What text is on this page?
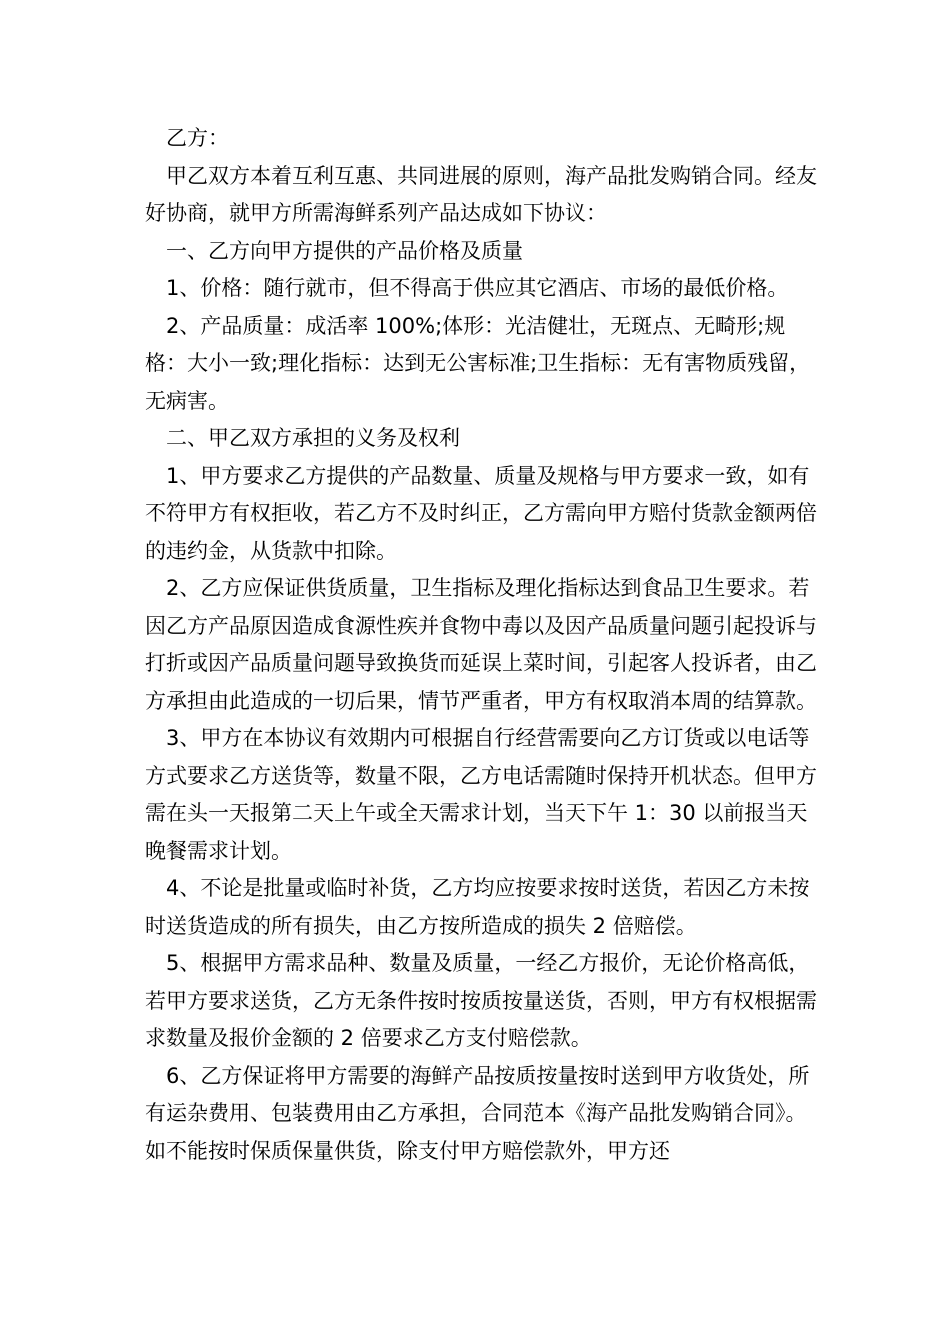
乙方：

甲乙双方本着互利互惠、共同进展的原则，海产品批发购销合同。经友好协商，就甲方所需海鲜系列产品达成如下协议：

一、乙方向甲方提供的产品价格及质量

1、价格：随行就市，但不得高于供应其它酒店、市场的最低价格。

2、产品质量：成活率 100%;体形：光洁健壮，无斑点、无畸形;规格：大小一致;理化指标：达到无公害标准;卫生指标：无有害物质残留，无病害。

二、甲乙双方承担的义务及权利

1、甲方要求乙方提供的产品数量、质量及规格与甲方要求一致，如有不符甲方有权拒收，若乙方不及时纠正，乙方需向甲方赔付货款金额两倍的违约金，从货款中扣除。

2、乙方应保证供货质量，卫生指标及理化指标达到食品卫生要求。若因乙方产品原因造成食源性疾并食物中毒以及因产品质量问题引起投诉与打折或因产品质量问题导致换货而延误上菜时间，引起客人投诉者，由乙方承担由此造成的一切后果，情节严重者，甲方有权取消本周的结算款。

3、甲方在本协议有效期内可根据自行经营需要向乙方订货或以电话等方式要求乙方送货等，数量不限，乙方电话需随时保持开机状态。但甲方需在头一天报第二天上午或全天需求计划，当天下午 1：30 以前报当天晚餐需求计划。

4、不论是批量或临时补货，乙方均应按要求按时送货，若因乙方未按时送货造成的所有损失，由乙方按所造成的损失 2 倍赔偿。

5、根据甲方需求品种、数量及质量，一经乙方报价，无论价格高低，若甲方要求送货，乙方无条件按时按质按量送货，否则，甲方有权根据需求数量及报价金额的 2 倍要求乙方支付赔偿款。

6、乙方保证将甲方需要的海鲜产品按质按量按时送到甲方收货处，所有运杂费用、包装费用由乙方承担，合同范本《海产品批发购销合同》。如不能按时保质保量供货，除支付甲方赔偿款外，甲方还
